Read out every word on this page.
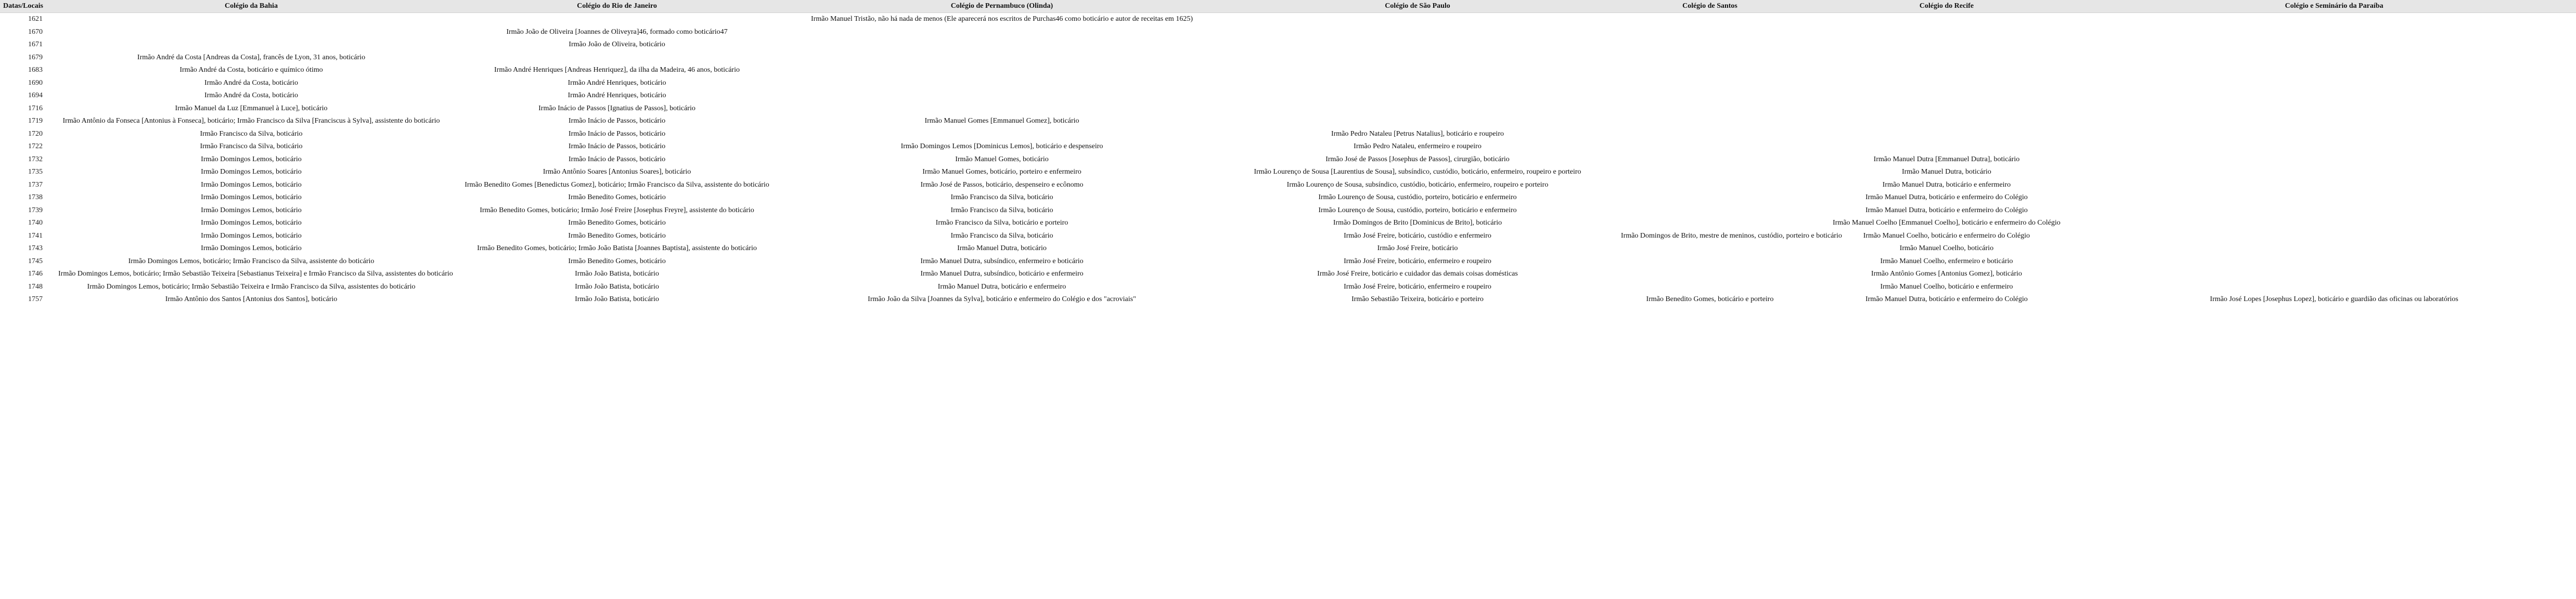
Datas/Locais	Colégio da Bahia	Colégio do Rio de Janeiro	Colégio de Pernambuco (Olinda)	Colégio de São Paulo	Colégio de Santos	Colégio do Recife	Colégio e Seminário da Paraíba
1621			Irmão Manuel Tristão, não há nada de menos (Ele aparecerá nos escritos de Purchas46 como boticário e autor de receitas em 1625)				
1670		Irmão João de Oliveira [Joannes de Oliveyra]46, formado como boticário47					
1671		Irmão João de Oliveira, boticário					
1679	Irmão André da Costa [Andreas da Costa], francês de Lyon, 31 anos, boticário						
1683	Irmão André da Costa, boticário e químico ótimo	Irmão André Henriques [Andreas Henriquez], da ilha da Madeira, 46 anos, boticário					
1690	Irmão André da Costa, boticário	Irmão André Henriques, boticário					
1694	Irmão André da Costa, boticário	Irmão André Henriques, boticário					
1716	Irmão Manuel da Luz [Emmanuel à Luce], boticário	Irmão Inácio de Passos [Ignatius de Passos], boticário					
1719	Irmão Antônio da Fonseca [Antonius à Fonseca], boticário; Irmão Francisco da Silva [Franciscus à Sylva], assistente do boticário	Irmão Inácio de Passos, boticário	Irmão Manuel Gomes [Emmanuel Gomez], boticário				
1720	Irmão Francisco da Silva, boticário	Irmão Inácio de Passos, boticário		Irmão Pedro Nataleu [Petrus Natalius], boticário e roupeiro			
1722	Irmão Francisco da Silva, boticário	Irmão Inácio de Passos, boticário	Irmão Domingos Lemos [Dominicus Lemos], boticário e despenseiro	Irmão Pedro Nataleu, enfermeiro e roupeiro			
1732	Irmão Domingos Lemos, boticário	Irmão Inácio de Passos, boticário	Irmão Manuel Gomes, boticário	Irmão José de Passos [Josephus de Passos], cirurgião, boticário		Irmão Manuel Dutra [Emmanuel Dutra], boticário	
1735	Irmão Domingos Lemos, boticário	Irmão Antônio Soares [Antonius Soares], boticário	Irmão Manuel Gomes, boticário, porteiro e enfermeiro	Irmão Lourenço de Sousa [Laurentius de Sousa], subsíndico, custódio, boticário, enfermeiro, roupeiro e porteiro		Irmão Manuel Dutra, boticário	
1737	Irmão Domingos Lemos, boticário	Irmão Benedito Gomes [Benedictus Gomez], boticário; Irmão Francisco da Silva, assistente do boticário	Irmão José de Passos, boticário, despenseiro e ecônomo	Irmão Lourenço de Sousa, subsíndico, custódio, boticário, enfermeiro, roupeiro e porteiro		Irmão Manuel Dutra, boticário e enfermeiro	
1738	Irmão Domingos Lemos, boticário	Irmão Benedito Gomes, boticário	Irmão Francisco da Silva, boticário	Irmão Lourenço de Sousa, custódio, porteiro, boticário e enfermeiro		Irmão Manuel Dutra, boticário e enfermeiro do Colégio	
1739	Irmão Domingos Lemos, boticário	Irmão Benedito Gomes, boticário; Irmão José Freire [Josephus Freyre], assistente do boticário	Irmão Francisco da Silva, boticário	Irmão Lourenço de Sousa, custódio, porteiro, boticário e enfermeiro		Irmão Manuel Dutra, boticário e enfermeiro do Colégio	
1740	Irmão Domingos Lemos, boticário	Irmão Benedito Gomes, boticário	Irmão Francisco da Silva, boticário e porteiro	Irmão Domingos de Brito [Dominicus de Brito], boticário		Irmão Manuel Coelho [Emmanuel Coelho], boticário e enfermeiro do Colégio	
1741	Irmão Domingos Lemos, boticário	Irmão Benedito Gomes, boticário	Irmão Francisco da Silva, boticário	Irmão José Freire, boticário, custódio e enfermeiro	Irmão Domingos de Brito, mestre de meninos, custódio, porteiro e boticário	Irmão Manuel Coelho, boticário e enfermeiro do Colégio	
1743	Irmão Domingos Lemos, boticário	Irmão Benedito Gomes, boticário; Irmão João Batista [Joannes Baptista], assistente do boticário	Irmão Manuel Dutra, boticário	Irmão José Freire, boticário		Irmão Manuel Coelho, boticário	
1745	Irmão Domingos Lemos, boticário; Irmão Francisco da Silva, assistente do boticário	Irmão Benedito Gomes, boticário	Irmão Manuel Dutra, subsíndico, enfermeiro e boticário	Irmão José Freire, boticário, enfermeiro e roupeiro		Irmão Manuel Coelho, enfermeiro e boticário	
1746	Irmão Domingos Lemos, boticário; Irmão Sebastião Teixeira [Sebastianus Teixeira] e Irmão Francisco da Silva, assistentes do boticário	Irmão João Batista, boticário	Irmão Manuel Dutra, subsíndico, boticário e enfermeiro	Irmão José Freire, boticário e cuidador das demais coisas domésticas		Irmão Antônio Gomes [Antonius Gomez], boticário	
1748	Irmão Domingos Lemos, boticário; Irmão Sebastião Teixeira e Irmão Francisco da Silva, assistentes do boticário	Irmão João Batista, boticário	Irmão Manuel Dutra, boticário e enfermeiro	Irmão José Freire, boticário, enfermeiro e roupeiro		Irmão Manuel Coelho, boticário e enfermeiro	
1757	Irmão Antônio dos Santos [Antonius dos Santos], boticário	Irmão João Batista, boticário	Irmão João da Silva [Joannes da Sylva], boticário e enfermeiro do Colégio e dos "acroviais"	Irmão Sebastião Teixeira, boticário e porteiro	Irmão Benedito Gomes, boticário e porteiro	Irmão Manuel Dutra, boticário e enfermeiro do Colégio	Irmão José Lopes [Josephus Lopez], boticário e guardião das oficinas ou laboratórios
